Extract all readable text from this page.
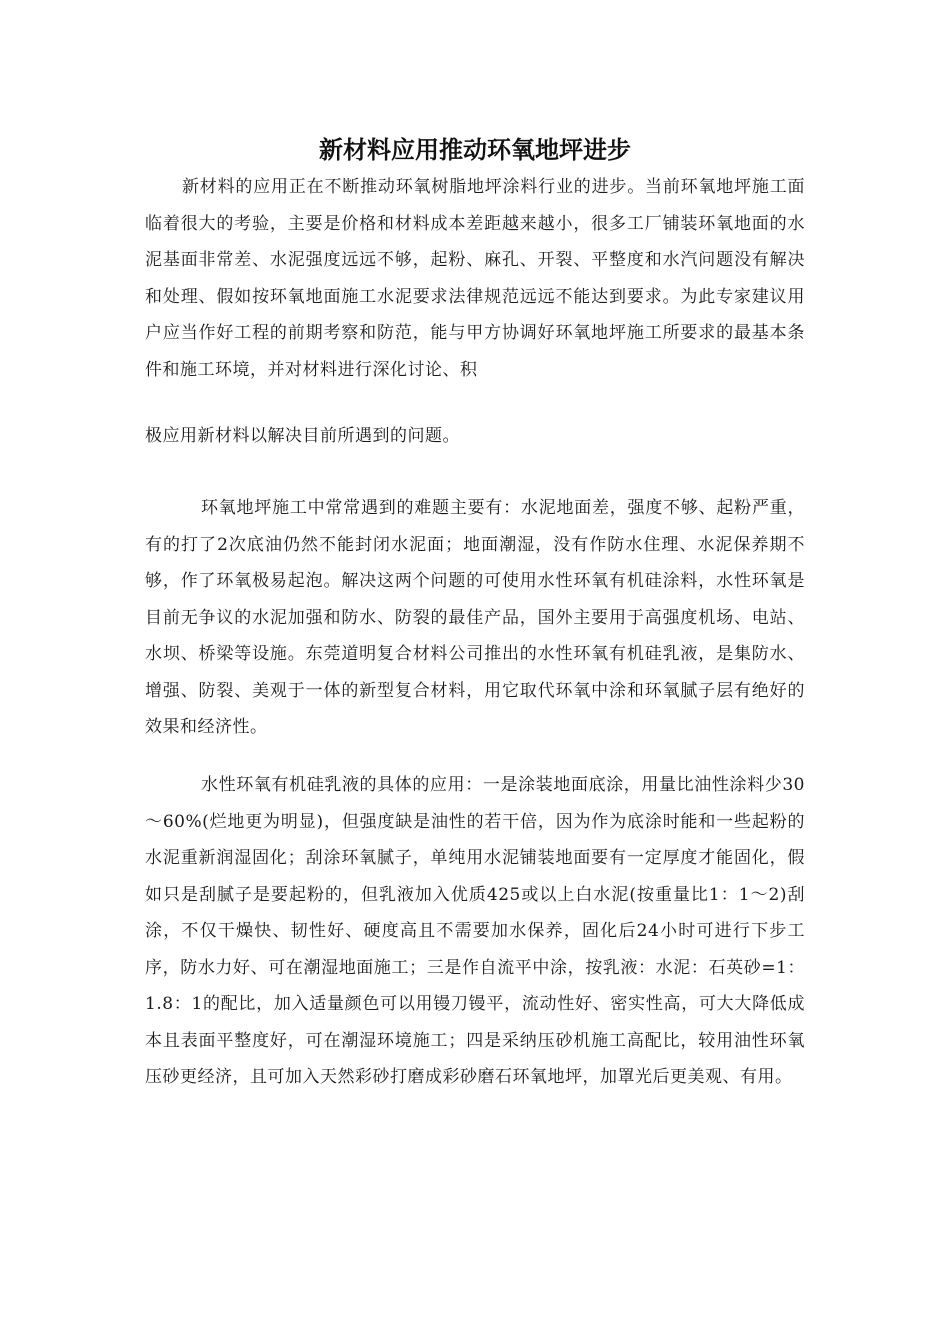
新材料应用推动环氧地坪进步

新材料的应用正在不断推动环氧树脂地坪涂料行业的进步。当前环氧地坪施工面临着很大的考验，主要是价格和材料成本差距越来越小，很多工厂铺装环氧地面的水泥基面非常差、水泥强度远远不够，起粉、麻孔、开裂、平整度和水汽问题没有解决和处理、假如按环氧地面施工水泥要求法律规范远远不能达到要求。为此专家建议用户应当作好工程的前期考察和防范，能与甲方协调好环氧地坪施工所要求的最基本条件和施工环境，并对材料进行深化讨论、积

极应用新材料以解决目前所遇到的问题。

环氧地坪施工中常常遇到的难题主要有：水泥地面差，强度不够、起粉严重，有的打了2次底油仍然不能封闭水泥面；地面潮湿，没有作防水住理、水泥保养期不够，作了环氧极易起泡。解决这两个问题的可使用水性环氧有机硅涂料，水性环氧是目前无争议的水泥加强和防水、防裂的最佳产品，国外主要用于高强度机场、电站、水坝、桥梁等设施。东莞道明复合材料公司推出的水性环氧有机硅乳液，是集防水、增强、防裂、美观于一体的新型复合材料，用它取代环氧中涂和环氧腻子层有绝好的效果和经济性。

水性环氧有机硅乳液的具体的应用：一是涂装地面底涂，用量比油性涂料少30～60%(烂地更为明显)，但强度缺是油性的若干倍，因为作为底涂时能和一些起粉的水泥重新润湿固化；刮涂环氧腻子，单纯用水泥铺装地面要有一定厚度才能固化，假如只是刮腻子是要起粉的，但乳液加入优质425或以上白水泥(按重量比1：1～2)刮涂，不仅干燥快、韧性好、硬度高且不需要加水保养，固化后24小时可进行下步工序，防水力好、可在潮湿地面施工；三是作自流平中涂，按乳液：水泥：石英砂=1：1.8：1的配比，加入适量颜色可以用镘刀镘平，流动性好、密实性高，可大大降低成本且表面平整度好，可在潮湿环境施工；四是采纳压砂机施工高配比，较用油性环氧压砂更经济，且可加入天然彩砂打磨成彩砂磨石环氧地坪，加罩光后更美观、有用。
